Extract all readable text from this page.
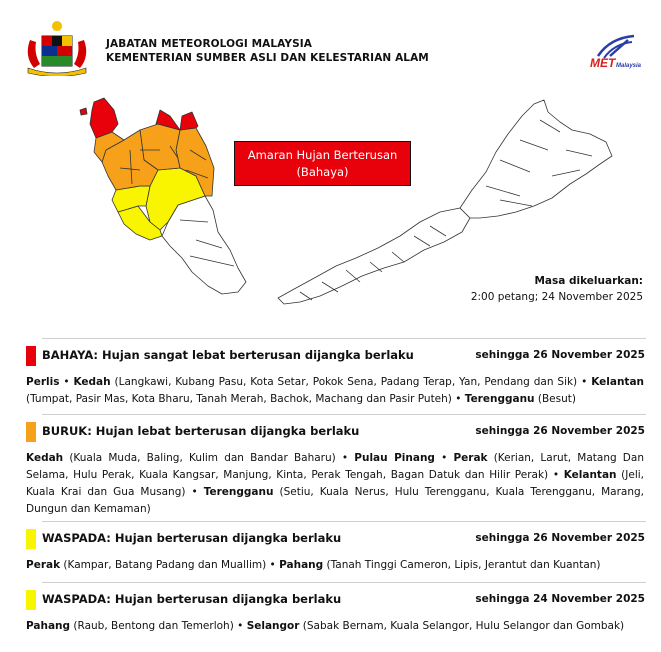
JABATAN METEOROLOGI MALAYSIA
KEMENTERIAN SUMBER ASLI DAN KELESTARIAN ALAM	MET Malaysia
Amaran Hujan Berterusan
(Bahaya)
Masa dikeluarkan:
2:00 petang; 24 November 2025
BAHAYA: Hujan sangat lebat berterusan dijangka berlaku	sehingga 26 November 2025
Perlis • Kedah (Langkawi, Kubang Pasu, Kota Setar, Pokok Sena, Padang Terap, Yan, Pendang dan Sik) • Kelantan (Tumpat, Pasir Mas, Kota Bharu, Tanah Merah, Bachok, Machang dan Pasir Puteh) • Terengganu (Besut)
BURUK: Hujan lebat berterusan dijangka berlaku	sehingga 26 November 2025
Kedah (Kuala Muda, Baling, Kulim dan Bandar Baharu) • Pulau Pinang • Perak (Kerian, Larut, Matang Dan Selama, Hulu Perak, Kuala Kangsar, Manjung, Kinta, Perak Tengah, Bagan Datuk dan Hilir Perak) • Kelantan (Jeli, Kuala Krai dan Gua Musang) • Terengganu (Setiu, Kuala Nerus, Hulu Terengganu, Kuala Terengganu, Marang, Dungun dan Kemaman)
WASPADA: Hujan berterusan dijangka berlaku	sehingga 26 November 2025
Perak (Kampar, Batang Padang dan Muallim) • Pahang (Tanah Tinggi Cameron, Lipis, Jerantut dan Kuantan)
WASPADA: Hujan berterusan dijangka berlaku	sehingga 24 November 2025
Pahang (Raub, Bentong dan Temerloh) • Selangor (Sabak Bernam, Kuala Selangor, Hulu Selangor dan Gombak)
